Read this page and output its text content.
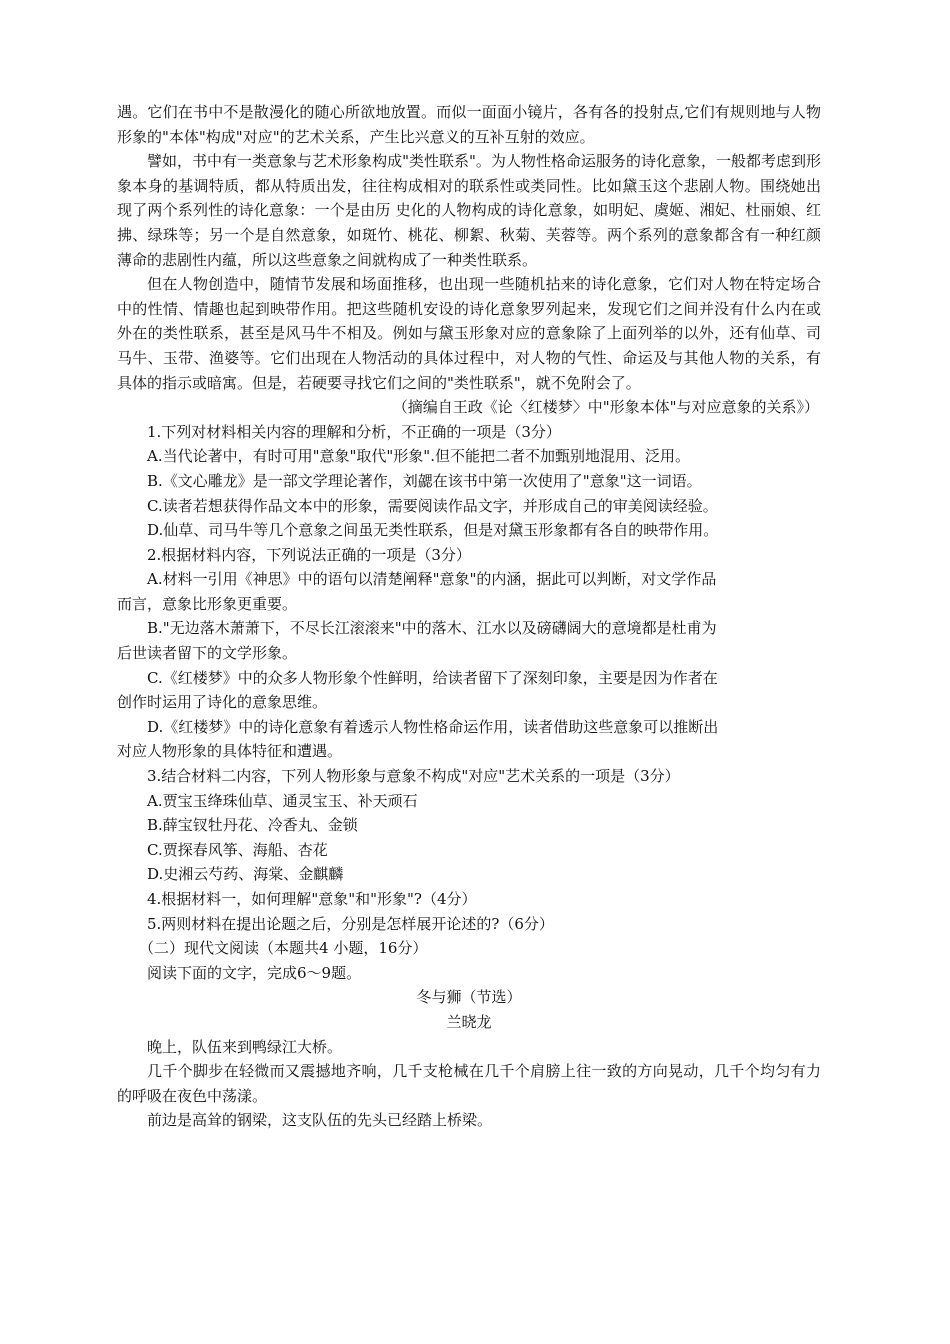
遇。它们在书中不是散漫化的随心所欲地放置。而似一面面小镜片，各有各的投射点,它们有规则地与人物形象的"本体"构成"对应"的艺术关系，产生比兴意义的互补互射的效应。

譬如，书中有一类意象与艺术形象构成"类性联系"。为人物性格命运服务的诗化意象，一般都考虑到形象本身的基调特质，都从特质出发，往往构成相对的联系性或类同性。比如黛玉这个悲剧人物。围绕她出现了两个系列性的诗化意象：一个是由历 史化的人物构成的诗化意象，如明妃、虞姬、湘妃、杜丽娘、红拂、绿珠等；另一个是自然意象，如斑竹、桃花、柳絮、秋菊、芙蓉等。两个系列的意象都含有一种红颜薄命的悲剧性内蕴，所以这些意象之间就构成了一种类性联系。

但在人物创造中，随情节发展和场面推移，也出现一些随机拈来的诗化意象，它们对人物在特定场合中的性情、情趣也起到映带作用。把这些随机安设的诗化意象罗列起来，发现它们之间并没有什么内在或外在的类性联系，甚至是风马牛不相及。例如与黛玉形象对应的意象除了上面列举的以外，还有仙草、司马牛、玉带、渔婆等。它们出现在人物活动的具体过程中，对人物的气性、命运及与其他人物的关系，有具体的指示或暗寓。但是，若硬要寻找它们之间的"类性联系"，就不免附会了。

（摘编自王政《论〈红楼梦〉中"形象本体"与对应意象的关系》）

1.下列对材料相关内容的理解和分析，不正确的一项是（3分）

A.当代论著中，有时可用"意象"取代"形象".但不能把二者不加甄别地混用、泛用。

B.《文心雕龙》是一部文学理论著作，刘勰在该书中第一次使用了"意象"这一词语。

C.读者若想获得作品文本中的形象，需要阅读作品文字，并形成自己的审美阅读经验。

D.仙草、司马牛等几个意象之间虽无类性联系，但是对黛玉形象都有各自的映带作用。

2.根据材料内容，下列说法正确的一项是（3分）

A.材料一引用《神思》中的语句以清楚阐释"意象"的内涵，据此可以判断，对文学作品

而言，意象比形象更重要。

B."无边落木萧萧下，不尽长江滚滚来"中的落木、江水以及磅礴阔大的意境都是杜甫为

后世读者留下的文学形象。

C.《红楼梦》中的众多人物形象个性鲜明，给读者留下了深刻印象，主要是因为作者在

创作时运用了诗化的意象思维。

D.《红楼梦》中的诗化意象有着透示人物性格命运作用，读者借助这些意象可以推断出

对应人物形象的具体特征和遭遇。

3.结合材料二内容，下列人物形象与意象不构成"对应"艺术关系的一项是（3分）

A.贾宝玉绛珠仙草、通灵宝玉、补天顽石

B.薛宝钗牡丹花、冷香丸、金锁

C.贾探春风筝、海船、杏花

D.史湘云芍药、海棠、金麒麟

4.根据材料一，如何理解"意象"和"形象"?（4分）

5.两则材料在提出论题之后，分别是怎样展开论述的?（6分）

（二）现代文阅读（本题共4 小题，16分）

阅读下面的文字，完成6～9题。

冬与狮（节选）

兰晓龙

晚上，队伍来到鸭绿江大桥。

几千个脚步在轻微而又震撼地齐响，几千支枪械在几千个肩膀上往一致的方向晃动，几千个均匀有力的呼吸在夜色中荡漾。

前边是高耸的钢梁，这支队伍的先头已经踏上桥梁。
